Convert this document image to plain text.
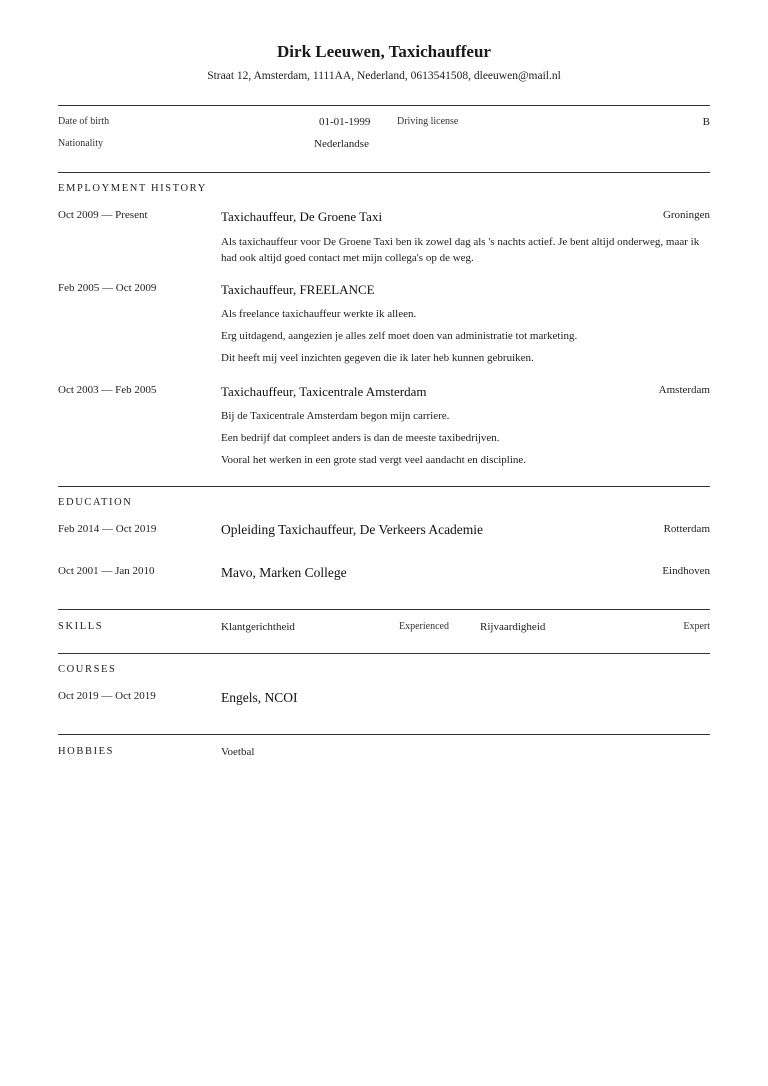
Dirk Leeuwen, Taxichauffeur
Straat 12, Amsterdam, 1111AA, Nederland, 0613541508, dleeuwen@mail.nl
Date of birth	01-01-1999	Driving license	B
Nationality	Nederlandse
EMPLOYMENT HISTORY
Oct 2009 — Present	Taxichauffeur, De Groene Taxi	Groningen
Als taxichauffeur voor De Groene Taxi ben ik zowel dag als 's nachts actief. Je bent altijd onderweg, maar ik had ook altijd goed contact met mijn collega's op de weg.
Feb 2005 — Oct 2009	Taxichauffeur, FREELANCE
Als freelance taxichauffeur werkte ik alleen.
Erg uitdagend, aangezien je alles zelf moet doen van administratie tot marketing.
Dit heeft mij veel inzichten gegeven die ik later heb kunnen gebruiken.
Oct 2003 — Feb 2005	Taxichauffeur, Taxicentrale Amsterdam	Amsterdam
Bij de Taxicentrale Amsterdam begon mijn carriere.
Een bedrijf dat compleet anders is dan de meeste taxibedrijven.
Vooral het werken in een grote stad vergt veel aandacht en discipline.
EDUCATION
Feb 2014 — Oct 2019	Opleiding Taxichauffeur, De Verkeers Academie	Rotterdam
Oct 2001 — Jan 2010	Mavo, Marken College	Eindhoven
SKILLS	Klantgerichtheid	Experienced	Rijvaardigheid	Expert
COURSES
Oct 2019 — Oct 2019	Engels, NCOI
HOBBIES	Voetbal
